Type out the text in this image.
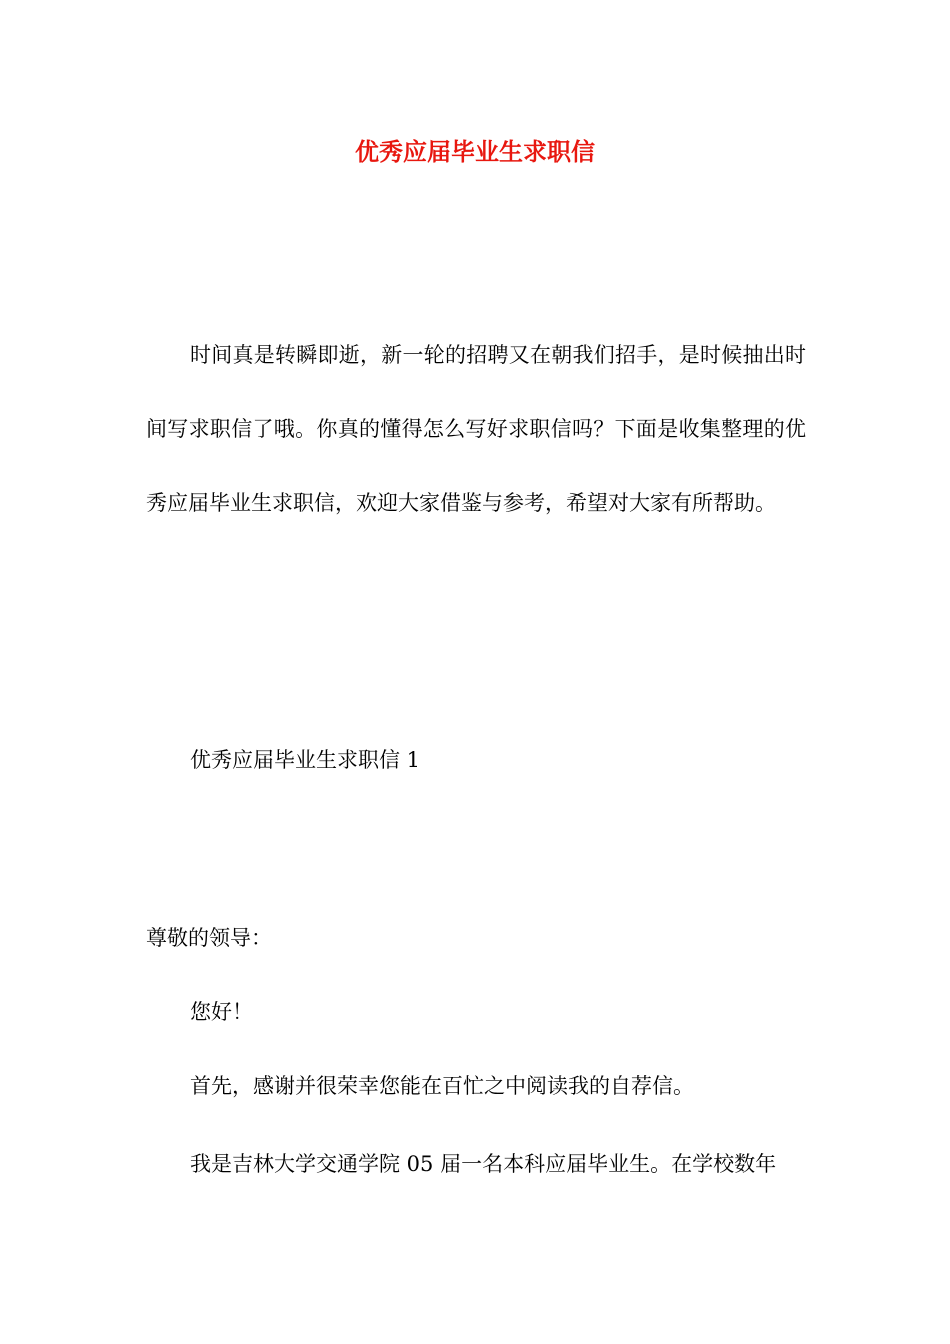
优秀应届毕业生求职信
时间真是转瞬即逝，新一轮的招聘又在朝我们招手，是时候抽出时间写求职信了哦。你真的懂得怎么写好求职信吗？下面是收集整理的优秀应届毕业生求职信，欢迎大家借鉴与参考，希望对大家有所帮助。
优秀应届毕业生求职信 1
尊敬的领导：
您好！
首先，感谢并很荣幸您能在百忙之中阅读我的自荐信。
我是吉林大学交通学院 05 届一名本科应届毕业生。在学校数年
